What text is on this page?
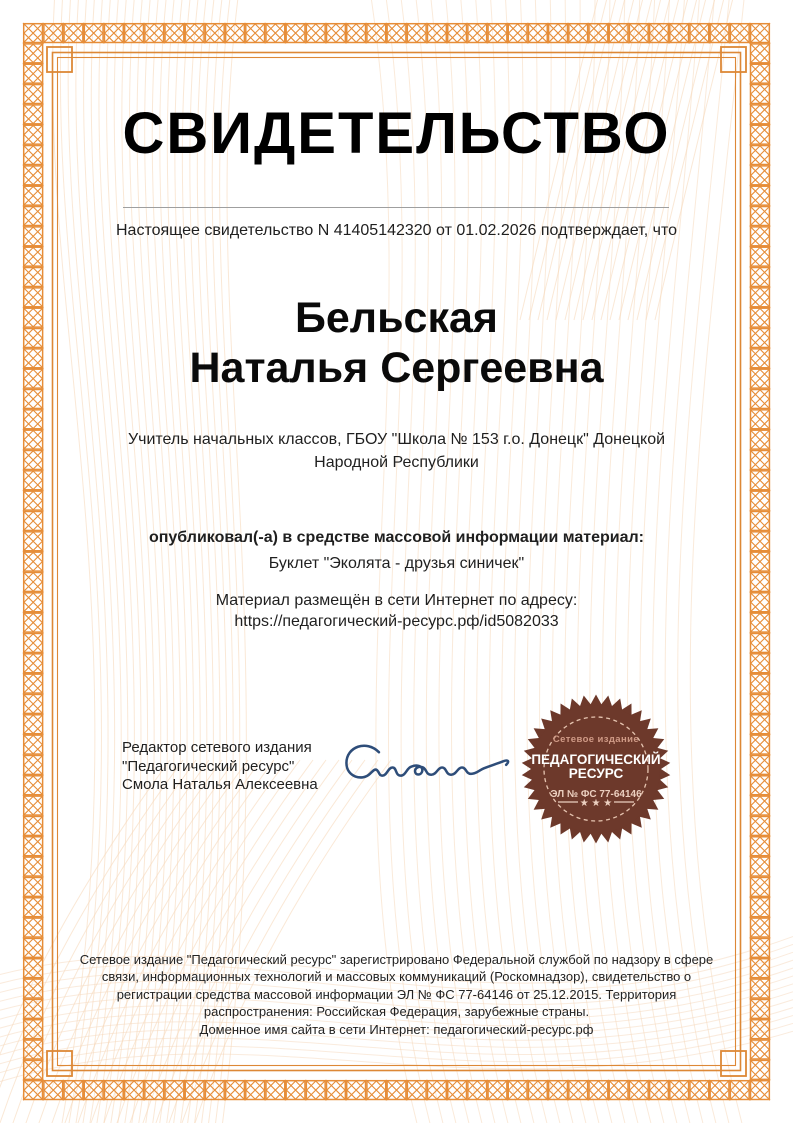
СВИДЕТЕЛЬСТВО
Настоящее свидетельство N 41405142320 от 01.02.2026 подтверждает, что
Бельская
Наталья Сергеевна
Учитель начальных классов, ГБОУ "Школа № 153 г.о. Донецк" Донецкой Народной Республики
опубликовал(-а) в средстве массовой информации материал:
Буклет "Эколята - друзья синичек"
Материал размещён в сети Интернет по адресу:
https://педагогический-ресурс.рф/id5082033
Редактор сетевого издания
"Педагогический ресурс"
Смола Наталья Алексеевна
Сетевое издание
ПЕДАГОГИЧЕСКИЙ
РЕСУРС
ЭЛ № ФС 77-64146
★ ★ ★
Сетевое издание "Педагогический ресурс" зарегистрировано Федеральной службой по надзору в сфере
связи, информационных технологий и массовых коммуникаций (Роскомнадзор), свидетельство о
регистрации средства массовой информации ЭЛ № ФС 77-64146 от 25.12.2015. Территория
распространения: Российская Федерация, зарубежные страны.
Доменное имя сайта в сети Интернет: педагогический-ресурс.рф
